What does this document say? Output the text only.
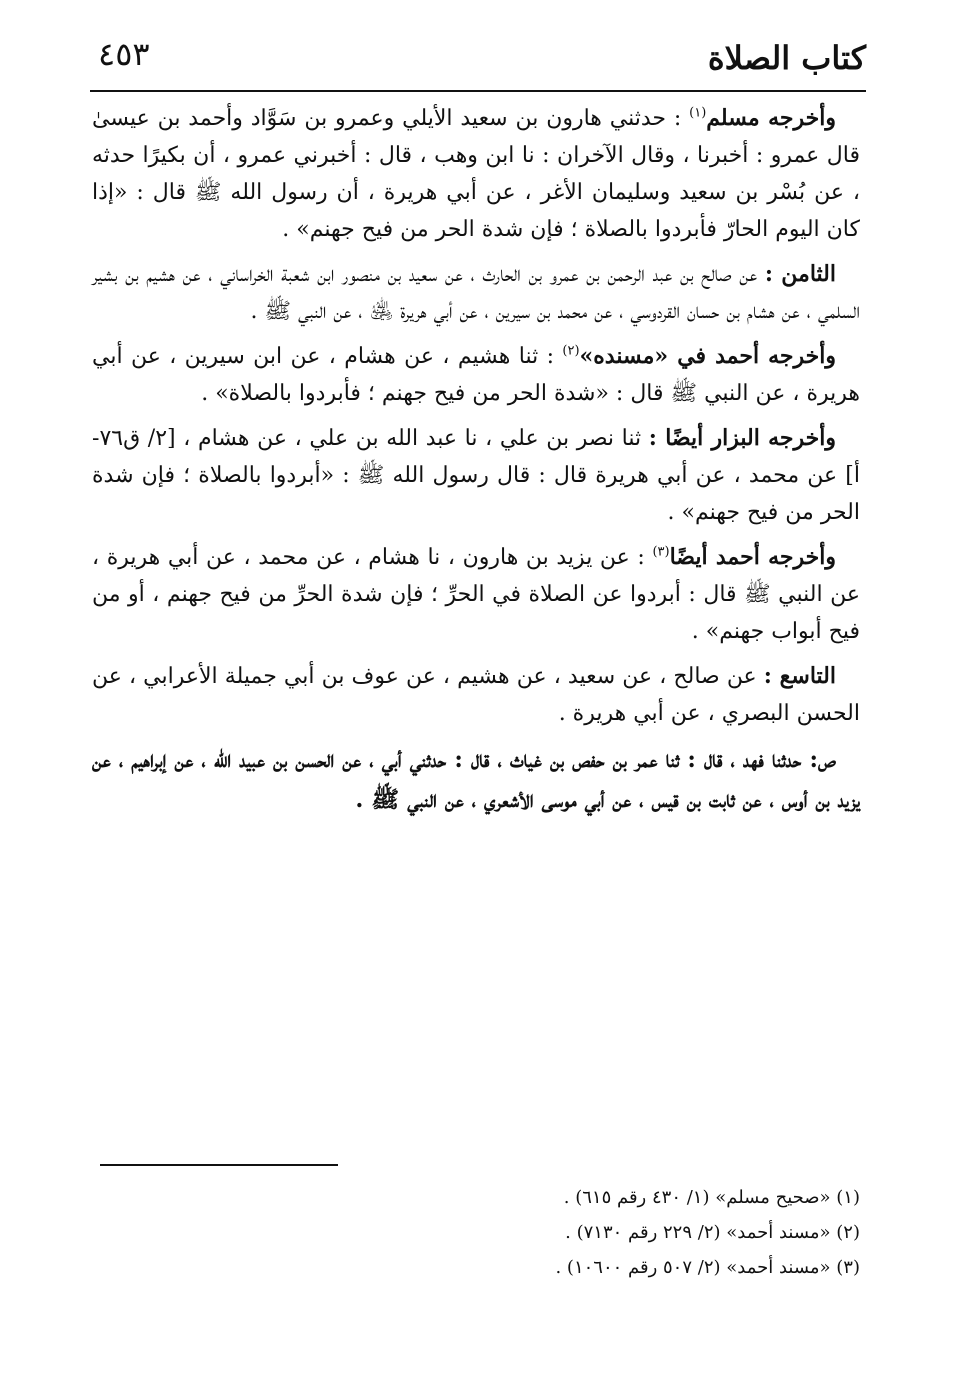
كتاب الصلاة
٤٥٣

وأخرجه مسلم$^{(١)}$ : حدثني هارون بن سعيد الأيلي وعمرو بن سَوَّاد وأحمد بن عيسىٰ قال عمرو : أخبرنا ، وقال الآخران : نا ابن وهب ، قال : أخبرني عمرو ، أن بكيرًا حدثه ، عن بُسْر بن سعيد وسليمان الأغر ، عن أبي هريرة ، أن رسول الله ﷺ قال : «إذا كان اليوم الحارّ فأبردوا بالصلاة ؛ فإن شدة الحر من فيح جهنم» .

الثامن : عن صالح بن عبد الرحمن بن عمرو بن الحارث ، عن سعيد بن منصور ابن شعبة الخراساني ، عن هشيم بن بشير السلمي ، عن هشام بن حسان القردوسي ، عن محمد بن سيرين ، عن أبي هريرة ﵁ ، عن النبي ﷺ .

وأخرجه أحمد في «مسنده»$^{(٢)}$ : ثنا هشيم ، عن هشام ، عن ابن سيرين ، عن أبي هريرة ، عن النبي ﷺ قال : «شدة الحر من فيح جهنم ؛ فأبردوا بالصلاة» .

وأخرجه البزار أيضًا : ثنا نصر بن علي ، نا عبد الله بن علي ، عن هشام ، [٢/ ق٧٦-أ] عن محمد ، عن أبي هريرة قال : قال رسول الله ﷺ : «أبردوا بالصلاة ؛ فإن شدة الحر من فيح جهنم» .

وأخرجه أحمد أيضًا$^{(٣)}$ : عن يزيد بن هارون ، نا هشام ، عن محمد ، عن أبي هريرة ، عن النبي ﷺ قال : أبردوا عن الصلاة في الحرِّ ؛ فإن شدة الحرِّ من فيح جهنم ، أو من فيح أبواب جهنم» .

التاسع : عن صالح ، عن سعيد ، عن هشيم ، عن عوف بن أبي جميلة الأعرابي ، عن الحسن البصري ، عن أبي هريرة .

ص: حدثنا فهد ، قال : ثنا عمر بن حفص بن غياث ، قال : حدثني أبي ، عن الحسن بن عبيد الله ، عن إبراهيم ، عن يزيد بن أوس ، عن ثابت بن قيس ، عن أبي موسى الأشعري ، عن النبي ﷺ .

(١) «صحيح مسلم» (١/ ٤٣٠ رقم ٦١٥) .
(٢) «مسند أحمد» (٢/ ٢٢٩ رقم ٧١٣٠) .
(٣) «مسند أحمد» (٢/ ٥٠٧ رقم ١٠٦٠٠) .
